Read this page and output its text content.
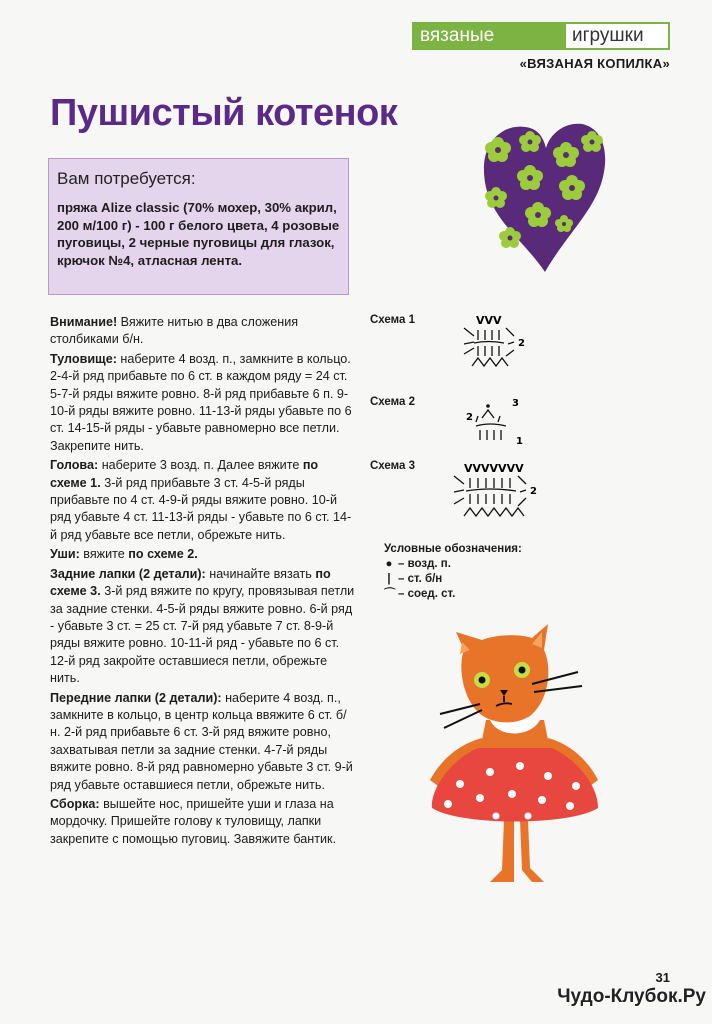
вязаные	игрушки
«ВЯЗАНАЯ КОПИЛКА»
Пушистый котенок
Вам потребуется:
пряжа Alize classic (70% мохер, 30% акрил, 200 м/100 г) - 100 г белого цвета, 4 розовые пуговицы, 2 черные пуговицы для глазок, крючок №4, атласная лента.

Внимание! Вяжите нитью в два сложения столбиками б/н.

Туловище: наберите 4 возд. п., замкните в кольцо. 2-4-й ряд прибавьте по 6 ст. в каждом ряду = 24 ст. 5-7-й ряды вяжите ровно. 8-й ряд прибавьте 6 п. 9-10-й ряды вяжите ровно. 11-13-й ряды убавьте по 6 ст. 14-15-й ряды - убавьте равномерно все петли. Закрепите нить.

Голова: наберите 3 возд. п. Далее вяжите по схеме 1. 3-й ряд прибавьте 3 ст. 4-5-й ряды прибавьте по 4 ст. 4-9-й ряды вяжите ровно. 10-й ряд убавьте 4 ст. 11-13-й ряды - убавьте по 6 ст. 14-й ряд убавьте все петли, обрежьте нить.

Уши: вяжите по схеме 2.

Задние лапки (2 детали): начинайте вязать по схеме 3. 3-й ряд вяжите по кругу, провязывая петли за задние стенки. 4-5-й ряды вяжите ровно. 6-й ряд - убавьте 3 ст. = 25 ст. 7-й ряд убавьте 7 ст. 8-9-й ряды вяжите ровно. 10-11-й ряд - убавьте по 6 ст. 12-й ряд закройте оставшиеся петли, обрежьте нить.

Передние лапки (2 детали): наберите 4 возд. п., замкните в кольцо, в центр кольца ввяжите 6 ст. б/н. 2-й ряд прибавьте 6 ст. 3-й ряд вяжите ровно, захватывая петли за задние стенки. 4-7-й ряды вяжите ровно. 8-й ряд равномерно убавьте 3 ст. 9-й ряд убавьте оставшиеся петли, обрежьте нить.

Сборка: вышейте нос, пришейте уши и глаза на мордочку. Пришейте голову к туловищу, лапки закрепите с помощью пуговиц. Завяжите бантик.

Схема 1	VVV
2
Схема 2
2
3
1
Схема 3	VVVVVVV
2
Условные обозначения:
● – возд. п.
| – ст. б/н
⌒ – соед. ст.
31
Чудо-Клубок.Ру
